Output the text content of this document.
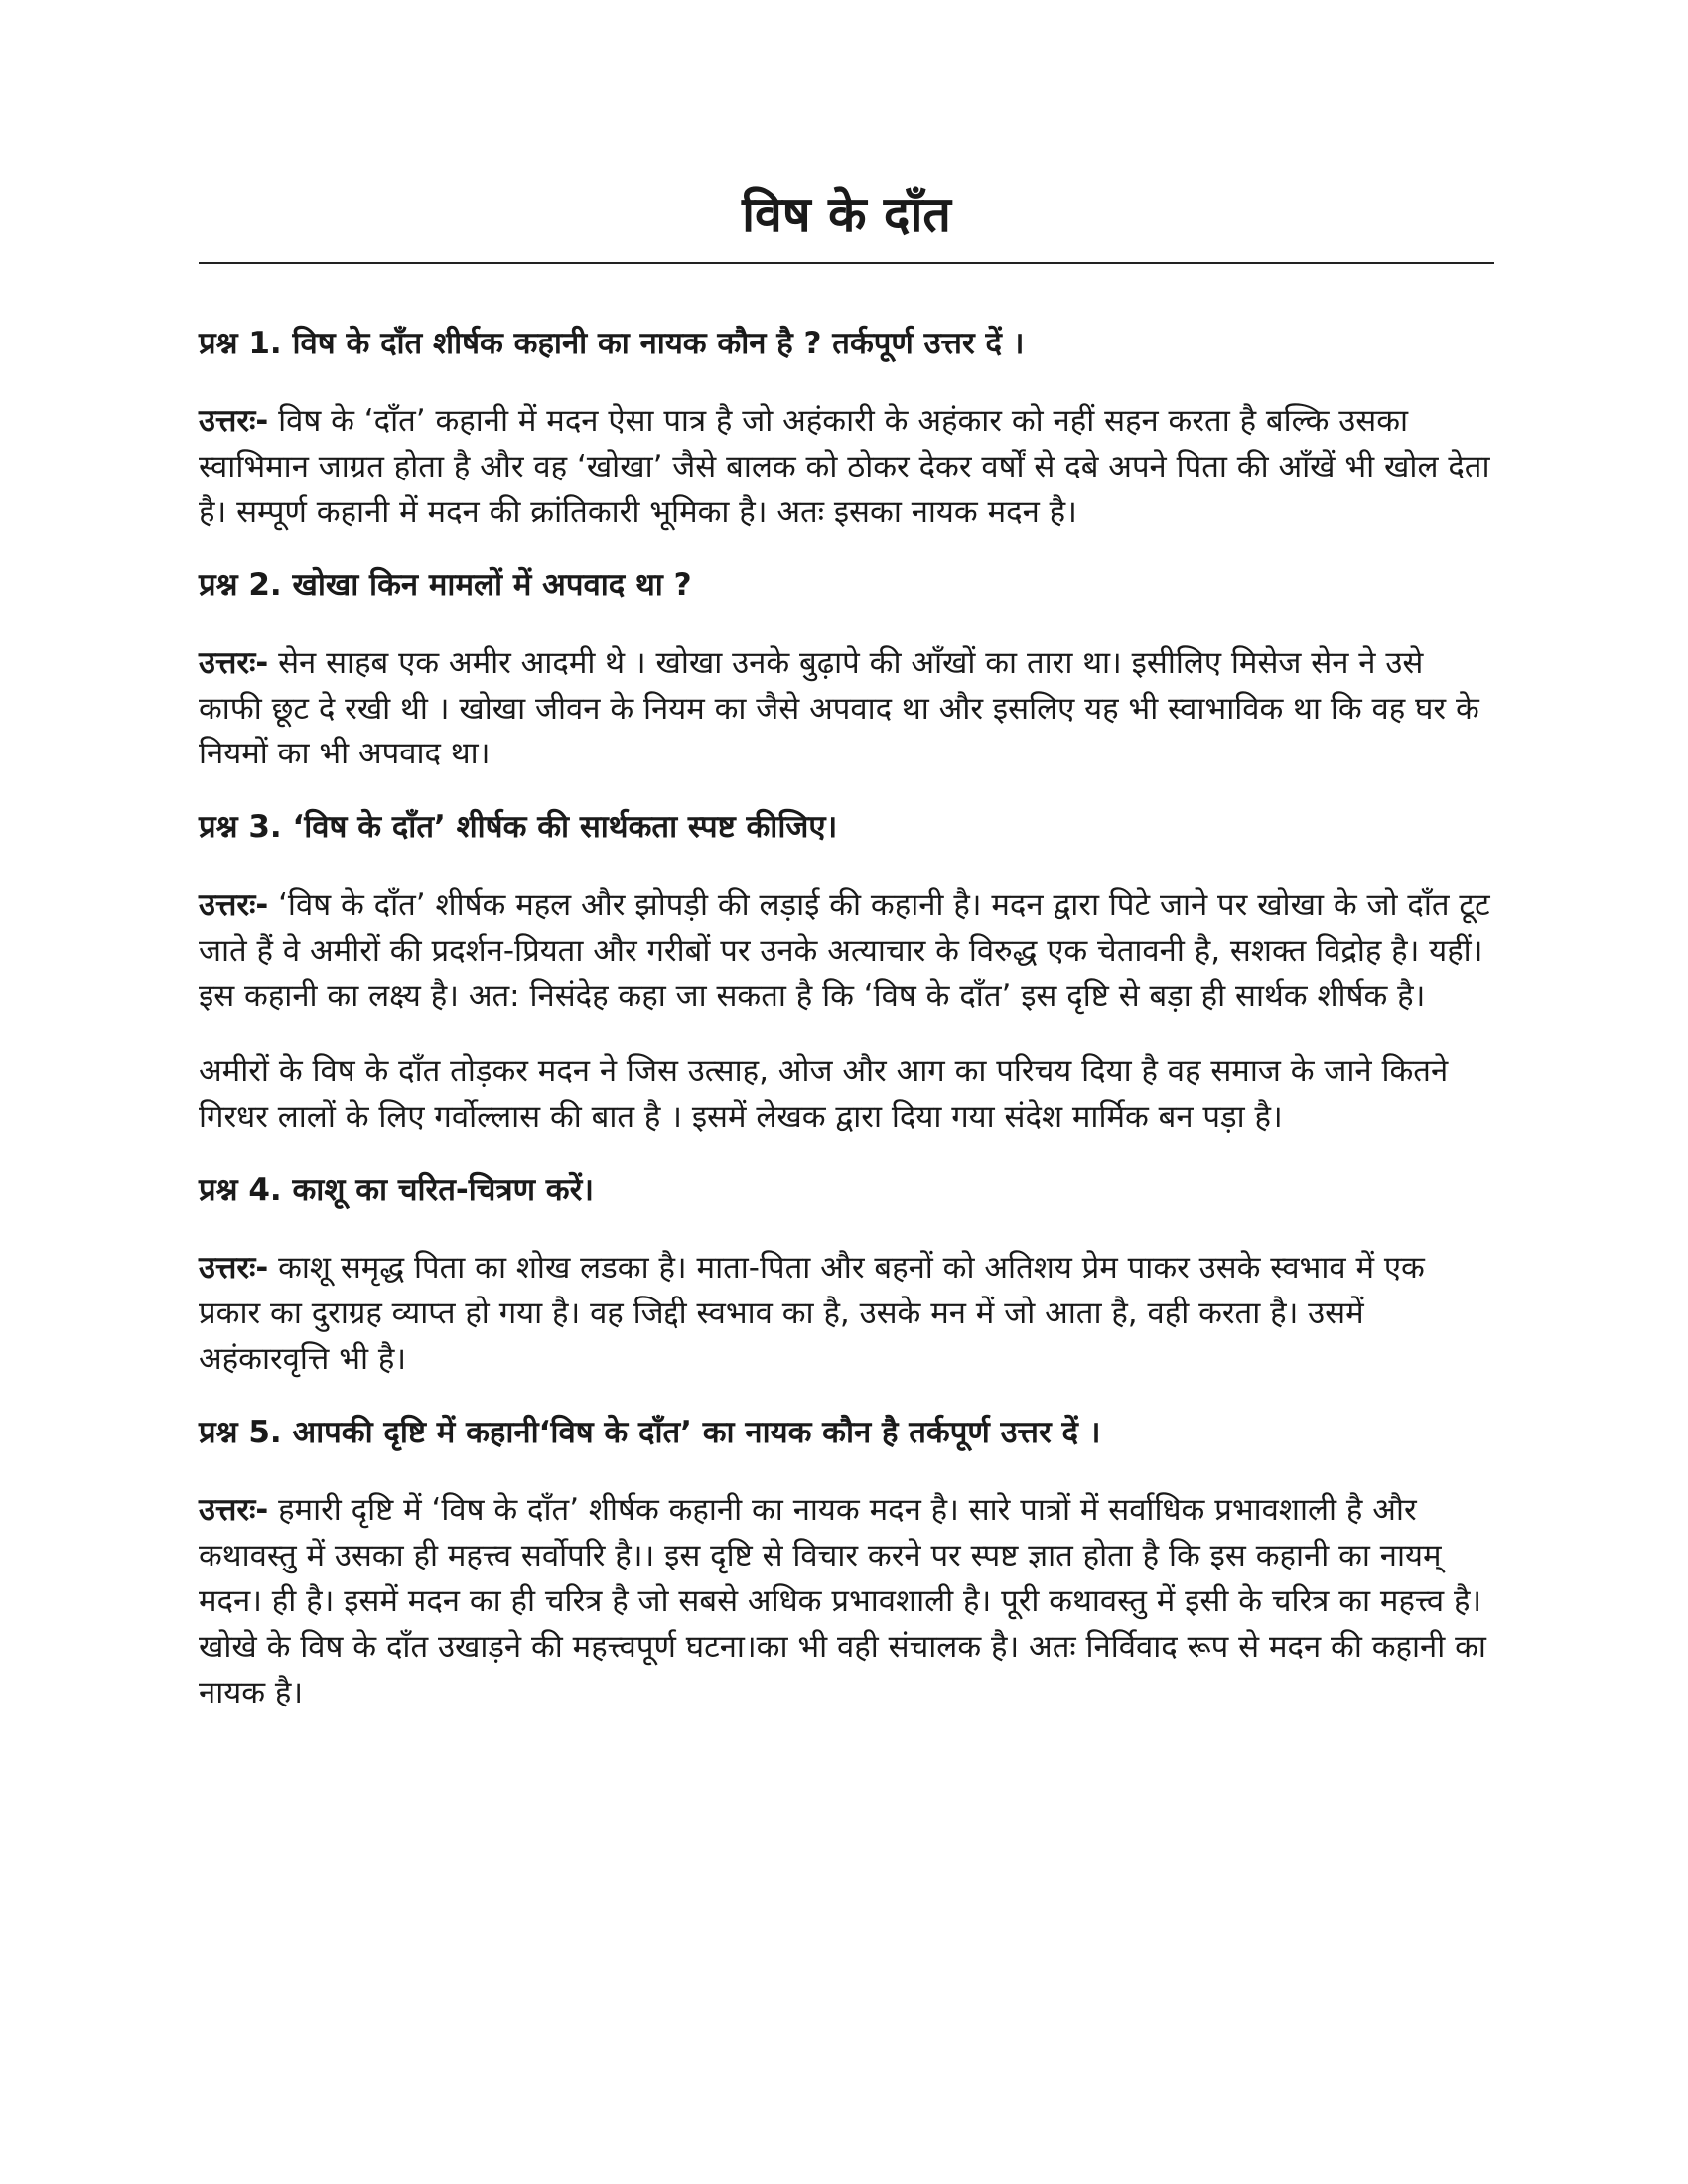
विष के दाँत

प्रश्न 1. विष के दाँत शीर्षक कहानी का नायक कौन है ? तर्कपूर्ण उत्तर दें ।

उत्तरः- विष के ‘दाँत’ कहानी में मदन ऐसा पात्र है जो अहंकारी के अहंकार को नहीं सहन करता है बल्कि उसका स्वाभिमान जाग्रत होता है और वह ‘खोखा’ जैसे बालक को ठोकर देकर वर्षों से दबे अपने पिता की आँखें भी खोल देता है। सम्पूर्ण कहानी में मदन की क्रांतिकारी भूमिका है। अतः इसका नायक मदन है।

प्रश्न 2. खोखा किन मामलों में अपवाद था ?

उत्तरः- सेन साहब एक अमीर आदमी थे । खोखा उनके बुढ़ापे की आँखों का तारा था। इसीलिए मिसेज सेन ने उसे काफी छूट दे रखी थी । खोखा जीवन के नियम का जैसे अपवाद था और इसलिए यह भी स्वाभाविक था कि वह घर के नियमों का भी अपवाद था।

प्रश्न 3. ‘विष के दाँत’ शीर्षक की सार्थकता स्पष्ट कीजिए।

उत्तरः- ‘विष के दाँत’ शीर्षक महल और झोपड़ी की लड़ाई की कहानी है। मदन द्वारा पिटे जाने पर खोखा के जो दाँत टूट जाते हैं वे अमीरों की प्रदर्शन-प्रियता और गरीबों पर उनके अत्याचार के विरुद्ध एक चेतावनी है, सशक्त विद्रोह है। यहीं। इस कहानी का लक्ष्य है। अत: निसंदेह कहा जा सकता है कि ‘विष के दाँत’ इस दृष्टि से बड़ा ही सार्थक शीर्षक है।

अमीरों के विष के दाँत तोड़कर मदन ने जिस उत्साह, ओज और आग का परिचय दिया है वह समाज के जाने कितने गिरधर लालों के लिए गर्वोल्लास की बात है । इसमें लेखक द्वारा दिया गया संदेश मार्मिक बन पड़ा है।

प्रश्न 4. काशू का चरित-चित्रण करें।

उत्तरः- काशू समृद्ध पिता का शोख लडका है। माता-पिता और बहनों को अतिशय प्रेम पाकर उसके स्वभाव में एक प्रकार का दुराग्रह व्याप्त हो गया है। वह जिद्दी स्वभाव का है, उसके मन में जो आता है, वही करता है। उसमें अहंकारवृत्ति भी है।

प्रश्न 5. आपकी दृष्टि में कहानी‘विष के दाँत’ का नायक कौन है तर्कपूर्ण उत्तर दें ।

उत्तरः- हमारी दृष्टि में ‘विष के दाँत’ शीर्षक कहानी का नायक मदन है। सारे पात्रों में सर्वाधिक प्रभावशाली है और कथावस्तु में उसका ही महत्त्व सर्वोपरि है।। इस दृष्टि से विचार करने पर स्पष्ट ज्ञात होता है कि इस कहानी का नायम् मदन। ही है। इसमें मदन का ही चरित्र है जो सबसे अधिक प्रभावशाली है। पूरी कथावस्तु में इसी के चरित्र का महत्त्व है। खोखे के विष के दाँत उखाड़ने की महत्त्वपूर्ण घटना।का भी वही संचालक है। अतः निर्विवाद रूप से मदन की कहानी का नायक है।
